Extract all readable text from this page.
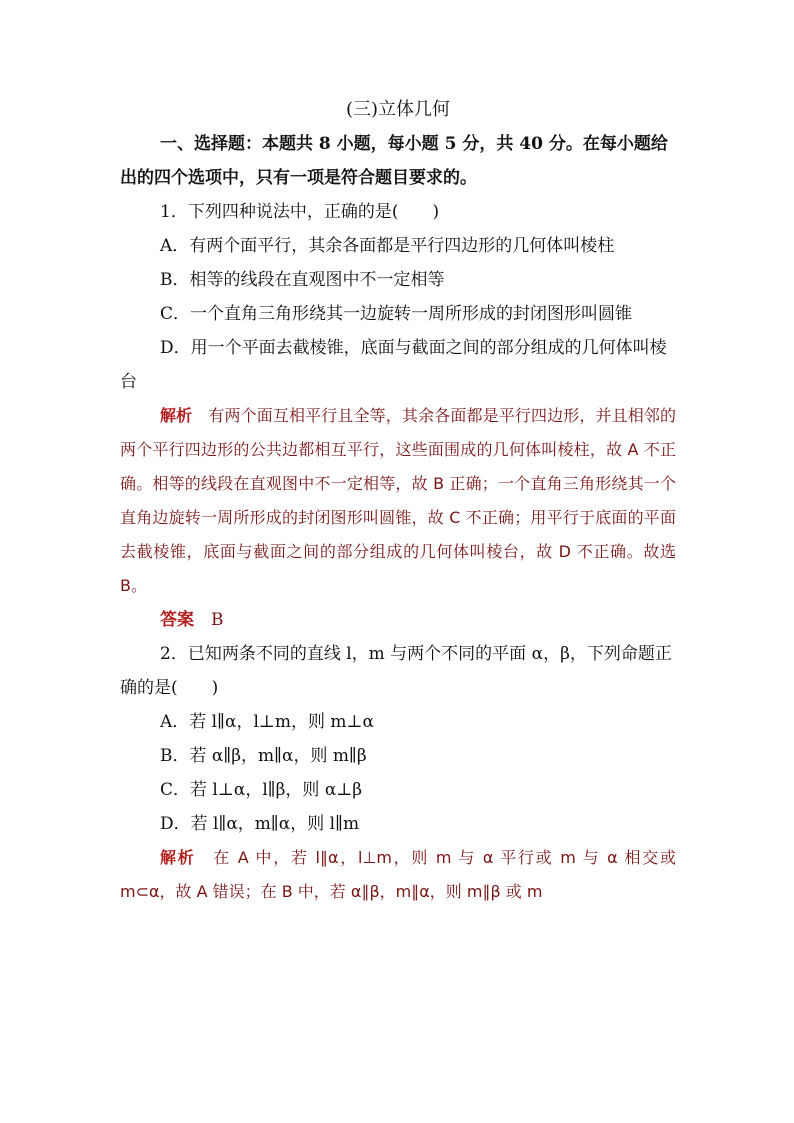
(三)立体几何

一、选择题：本题共 8 小题，每小题 5 分，共 40 分。在每小题给出的四个选项中，只有一项是符合题目要求的。

1．下列四种说法中，正确的是(　　)

A．有两个面平行，其余各面都是平行四边形的几何体叫棱柱

B．相等的线段在直观图中不一定相等

C．一个直角三角形绕其一边旋转一周所形成的封闭图形叫圆锥

D．用一个平面去截棱锥，底面与截面之间的部分组成的几何体叫棱台

解析　 有两个面互相平行且全等，其余各面都是平行四边形，并且相邻的两个平行四边形的公共边都相互平行，这些面围成的几何体叫棱柱，故 A 不正确。相等的线段在直观图中不一定相等，故 B 正确；一个直角三角形绕其一个直角边旋转一周所形成的封闭图形叫圆锥，故 C 不正确；用平行于底面的平面去截棱锥，底面与截面之间的部分组成的几何体叫棱台，故 D 不正确。故选 B。

答案　 B

2．已知两条不同的直线 l，m 与两个不同的平面 α，β，下列命题正确的是(　　)

A．若 l∥α，l⊥m，则 m⊥α

B．若 α∥β，m∥α，则 m∥β

C．若 l⊥α，l∥β，则 α⊥β

D．若 l∥α，m∥α，则 l∥m

解析　 在 A 中，若 l∥α，l⊥m，则 m 与 α 平行或 m 与 α 相交或 m⊂α，故 A 错误；在 B 中，若 α∥β，m∥α，则 m∥β 或 m
